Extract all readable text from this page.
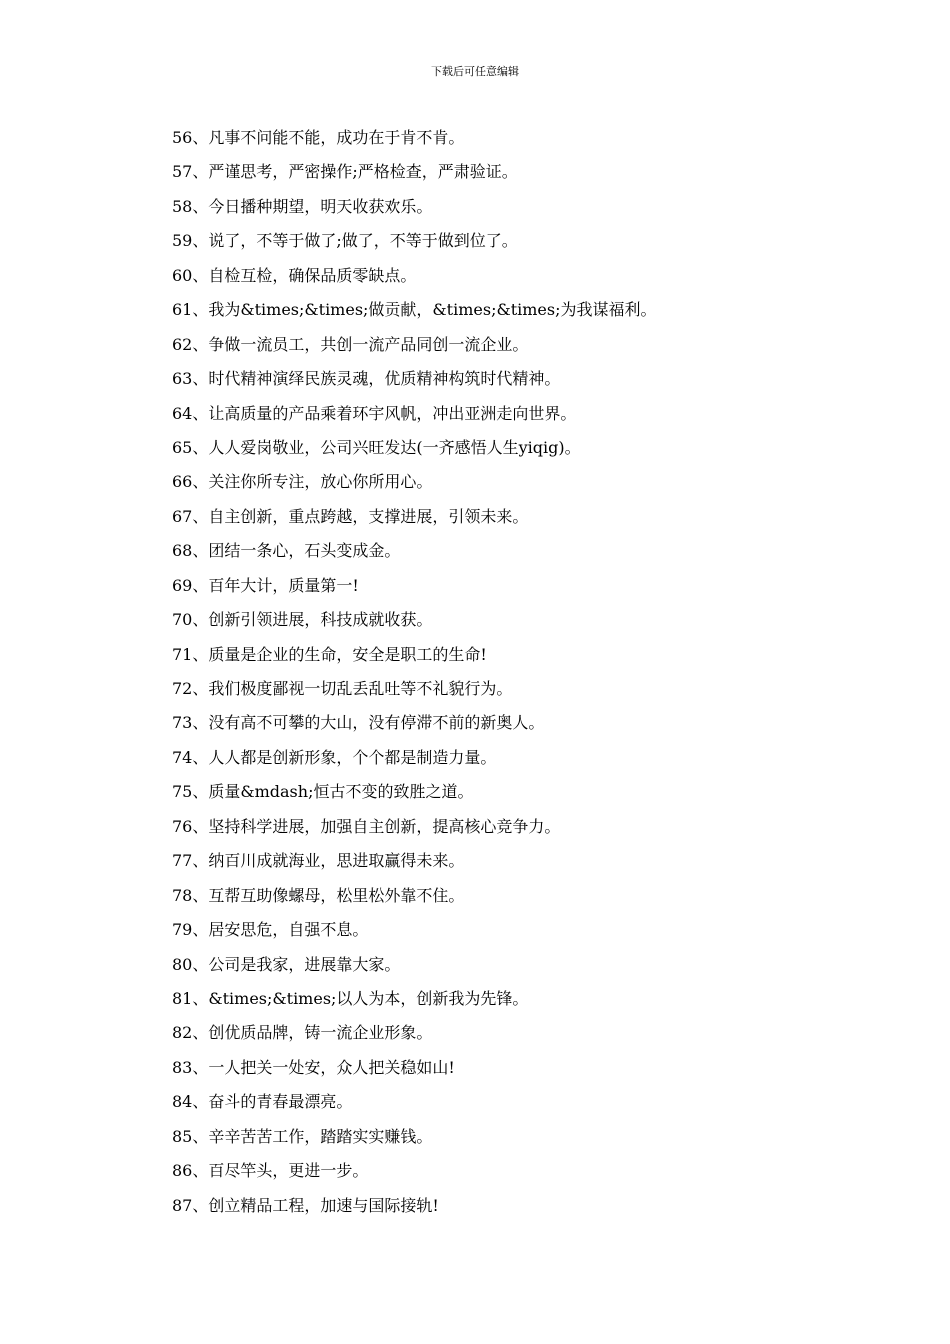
下载后可任意编辑
56、凡事不问能不能，成功在于肯不肯。
57、严谨思考，严密操作;严格检查，严肃验证。
58、今日播种期望，明天收获欢乐。
59、说了，不等于做了;做了，不等于做到位了。
60、自检互检，确保品质零缺点。
61、我为&times;&times;做贡献，&times;&times;为我谋福利。
62、争做一流员工，共创一流产品同创一流企业。
63、时代精神演绎民族灵魂，优质精神构筑时代精神。
64、让高质量的产品乘着环宇风帆，冲出亚洲走向世界。
65、人人爱岗敬业，公司兴旺发达(一齐感悟人生yiqig)。
66、关注你所专注，放心你所用心。
67、自主创新，重点跨越，支撑进展，引领未来。
68、团结一条心，石头变成金。
69、百年大计，质量第一!
70、创新引领进展，科技成就收获。
71、质量是企业的生命，安全是职工的生命!
72、我们极度鄙视一切乱丢乱吐等不礼貌行为。
73、没有高不可攀的大山，没有停滞不前的新奥人。
74、人人都是创新形象，个个都是制造力量。
75、质量&mdash;恒古不变的致胜之道。
76、坚持科学进展，加强自主创新，提高核心竞争力。
77、纳百川成就海业，思进取赢得未来。
78、互帮互助像螺母，松里松外靠不住。
79、居安思危，自强不息。
80、公司是我家，进展靠大家。
81、&times;&times;以人为本，创新我为先锋。
82、创优质品牌，铸一流企业形象。
83、一人把关一处安，众人把关稳如山!
84、奋斗的青春最漂亮。
85、辛辛苦苦工作，踏踏实实赚钱。
86、百尽竿头，更进一步。
87、创立精品工程，加速与国际接轨!
